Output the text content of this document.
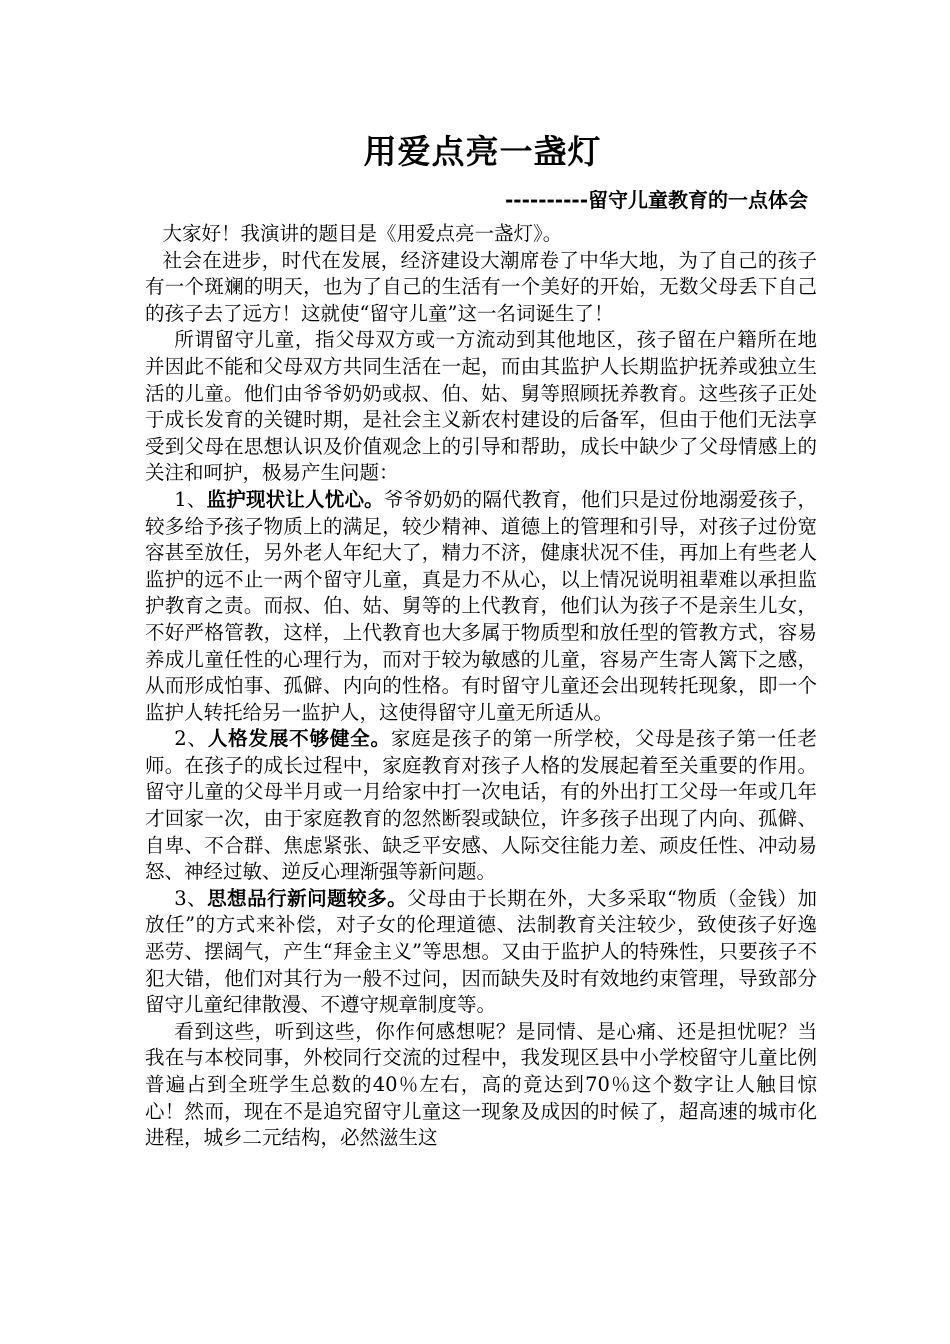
用爱点亮一盏灯
----------留守儿童教育的一点体会

大家好！我演讲的题目是《用爱点亮一盏灯》。

社会在进步，时代在发展，经济建设大潮席卷了中华大地，为了自己的孩子有一个斑斓的明天，也为了自己的生活有一个美好的开始，无数父母丢下自己的孩子去了远方！这就使“留守儿童”这一名词诞生了！

所谓留守儿童，指父母双方或一方流动到其他地区，孩子留在户籍所在地并因此不能和父母双方共同生活在一起，而由其监护人长期监护抚养或独立生活的儿童。他们由爷爷奶奶或叔、伯、姑、舅等照顾抚养教育。这些孩子正处于成长发育的关键时期，是社会主义新农村建设的后备军，但由于他们无法享受到父母在思想认识及价值观念上的引导和帮助，成长中缺少了父母情感上的关注和呵护，极易产生问题：

1、监护现状让人忧心。爷爷奶奶的隔代教育，他们只是过份地溺爱孩子，较多给予孩子物质上的满足，较少精神、道德上的管理和引导，对孩子过份宽容甚至放任，另外老人年纪大了，精力不济，健康状况不佳，再加上有些老人监护的远不止一两个留守儿童，真是力不从心，以上情况说明祖辈难以承担监护教育之责。而叔、伯、姑、舅等的上代教育，他们认为孩子不是亲生儿女，不好严格管教，这样，上代教育也大多属于物质型和放任型的管教方式，容易养成儿童任性的心理行为，而对于较为敏感的儿童，容易产生寄人篱下之感，从而形成怕事、孤僻、内向的性格。有时留守儿童还会出现转托现象，即一个监护人转托给另一监护人，这使得留守儿童无所适从。

2、人格发展不够健全。家庭是孩子的第一所学校，父母是孩子第一任老师。在孩子的成长过程中，家庭教育对孩子人格的发展起着至关重要的作用。留守儿童的父母半月或一月给家中打一次电话，有的外出打工父母一年或几年才回家一次，由于家庭教育的忽然断裂或缺位，许多孩子出现了内向、孤僻、自卑、不合群、焦虑紧张、缺乏平安感、人际交往能力差、顽皮任性、冲动易怒、神经过敏、逆反心理渐强等新问题。

3、思想品行新问题较多。父母由于长期在外，大多采取“物质（金钱）加放任”的方式来补偿，对子女的伦理道德、法制教育关注较少，致使孩子好逸恶劳、摆阔气，产生“拜金主义”等思想。又由于监护人的特殊性，只要孩子不犯大错，他们对其行为一般不过问，因而缺失及时有效地约束管理，导致部分留守儿童纪律散漫、不遵守规章制度等。

看到这些，听到这些，你作何感想呢？是同情、是心痛、还是担忧呢？当我在与本校同事，外校同行交流的过程中，我发现区县中小学校留守儿童比例普遍占到全班学生总数的40％左右，高的竟达到70％这个数字让人触目惊心！然而，现在不是追究留守儿童这一现象及成因的时候了，超高速的城市化进程，城乡二元结构，必然滋生这
